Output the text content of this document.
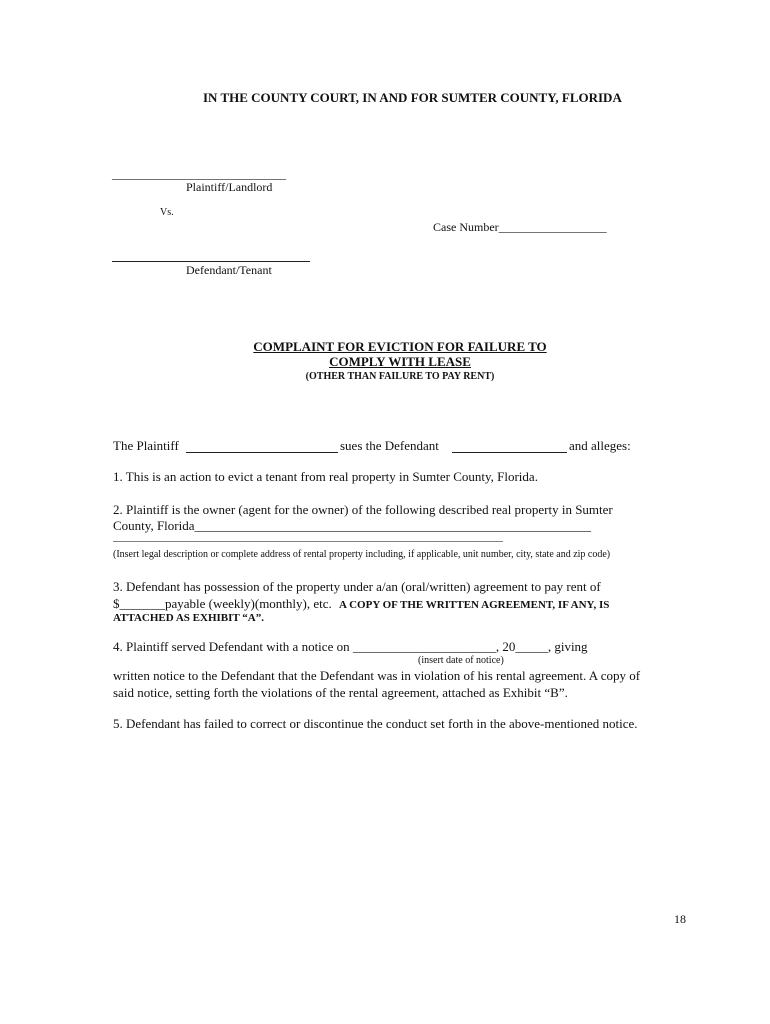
IN THE COUNTY COURT, IN AND FOR SUMTER COUNTY, FLORIDA
_____________________________
Plaintiff/Landlord
Vs.
Case Number__________________
Defendant/Tenant
COMPLAINT FOR EVICTION FOR FAILURE TO
COMPLY WITH LEASE
(OTHER THAN FAILURE TO PAY RENT)
The Plaintiff	sues the Defendant	and alleges:
1. This is an action to evict a tenant from real property in Sumter County, Florida.
2. Plaintiff is the owner (agent for the owner) of the following described real property in Sumter
County, Florida_____________________________________________________________
______________________________________________________________________________
(Insert legal description or complete address of rental property including, if applicable, unit number, city, state and zip code)
3. Defendant has possession of the property under a/an (oral/written) agreement to pay rent of
$_______payable (weekly)(monthly), etc. A COPY OF THE WRITTEN AGREEMENT, IF ANY, IS
ATTACHED AS EXHIBIT “A”.
4. Plaintiff served Defendant with a notice on ______________________, 20_____, giving
(insert date of notice)
written notice to the Defendant that the Defendant was in violation of his rental agreement. A copy of
said notice, setting forth the violations of the rental agreement, attached as Exhibit “B”.
5. Defendant has failed to correct or discontinue the conduct set forth in the above-mentioned notice.
18
